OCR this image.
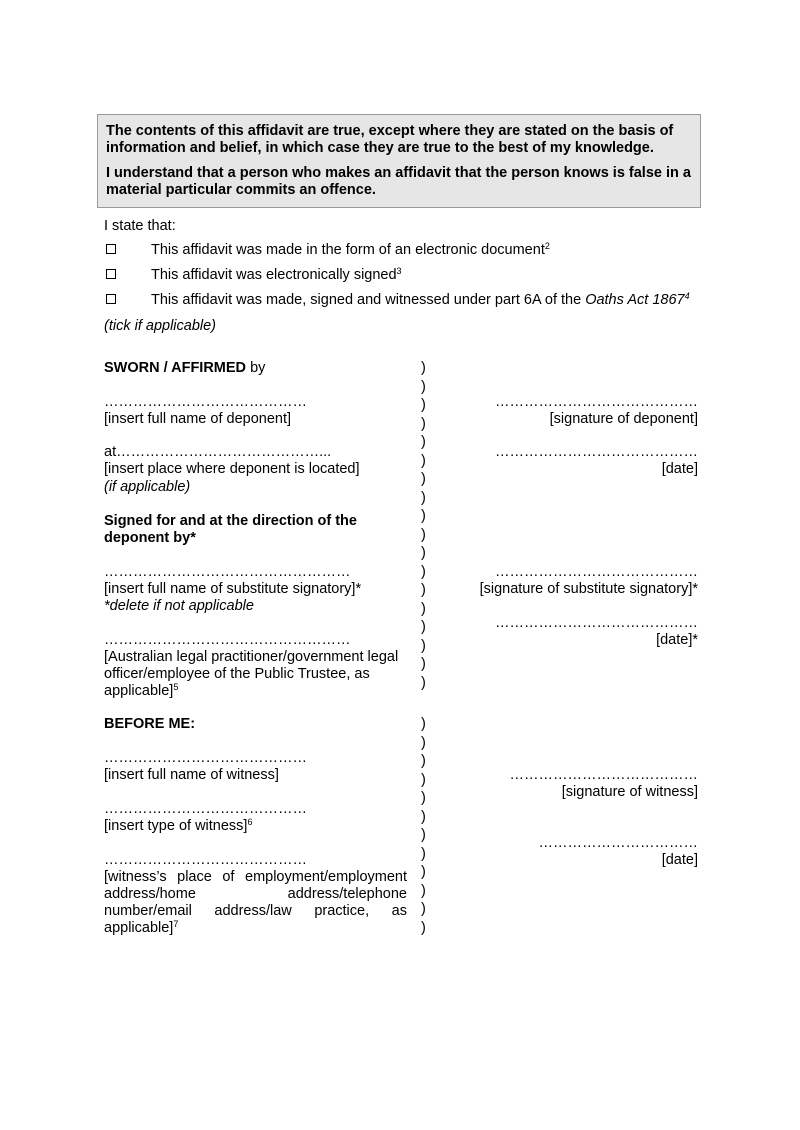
The contents of this affidavit are true, except where they are stated on the basis of information and belief, in which case they are true to the best of my knowledge.

I understand that a person who makes an affidavit that the person knows is false in a material particular commits an offence.

I state that:
This affidavit was made in the form of an electronic document$^2$
This affidavit was electronically signed$^3$
This affidavit was made, signed and witnessed under part 6A of the Oaths Act 1867$^4$
(tick if applicable)
SWORN / AFFIRMED by
……………………………………
[insert full name of deponent]
at……………………………………...
[insert place where deponent is located]
(if applicable)
……………………………………
[signature of deponent]
……………………………………
[date]
Signed for and at the direction of the
deponent by*
……………………………………………
[insert full name of substitute signatory]*
*delete if not applicable
……………………………………………
[Australian legal practitioner/government legal
officer/employee of the Public Trustee, as
applicable]$^5$
……………………………………
[signature of substitute signatory]*
……………………………………
[date]*
BEFORE ME:
……………………………………
[insert full name of witness]
……………………………………
[insert type of witness]$^6$
……………………………………
[witness’s place of employment/employment
address/home address/telephone
number/email address/law practice, as
applicable]$^7$
…………………………………
[signature of witness]
……………………………
[date]
)
)
)
)
)
)
)
)
)
)
)
)
)
)
)
)
)
)
)
)
)
)
)
)
)
)
)
)
)
)
